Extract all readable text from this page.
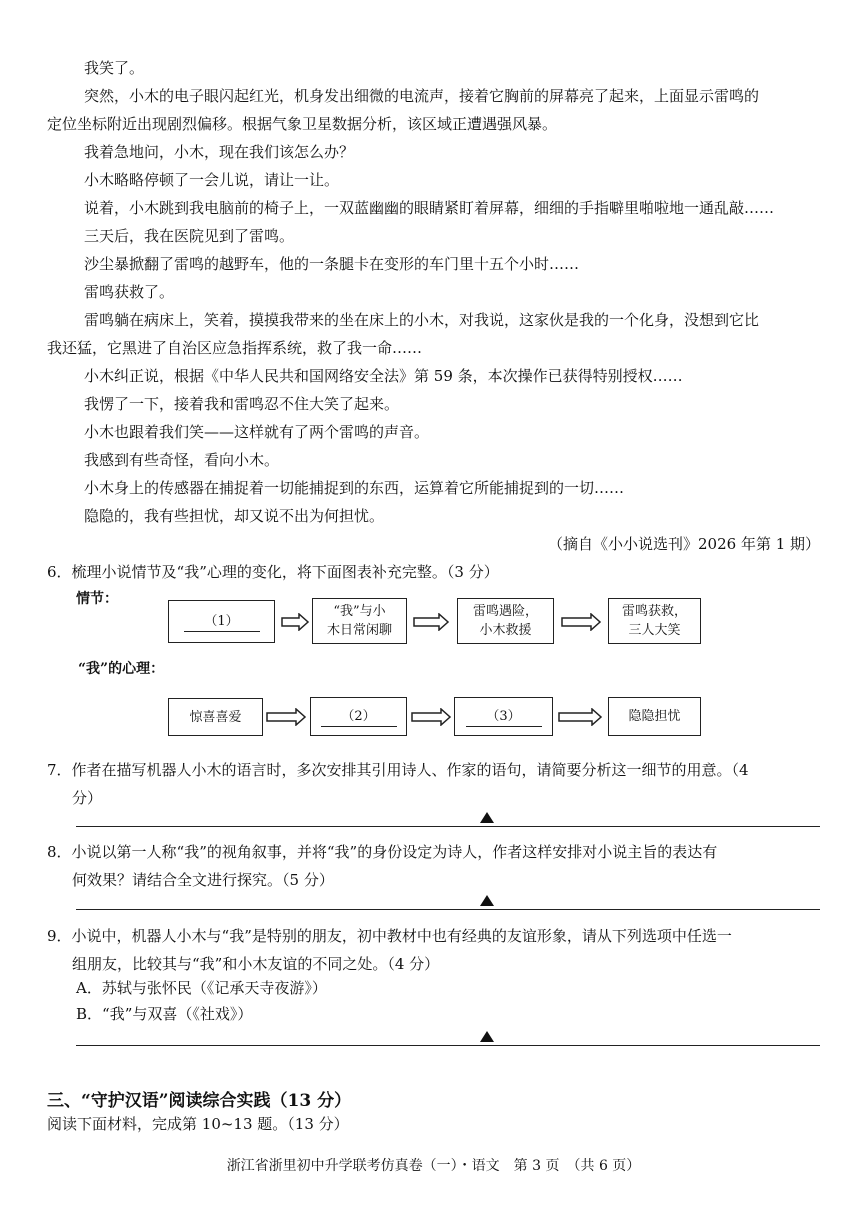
我笑了。
突然，小木的电子眼闪起红光，机身发出细微的电流声，接着它胸前的屏幕亮了起来，上面显示雷鸣的
定位坐标附近出现剧烈偏移。根据气象卫星数据分析，该区域正遭遇强风暴。
我着急地问，小木，现在我们该怎么办？
小木略略停顿了一会儿说，请让一让。
说着，小木跳到我电脑前的椅子上，一双蓝幽幽的眼睛紧盯着屏幕，细细的手指噼里啪啦地一通乱敲……
三天后，我在医院见到了雷鸣。
沙尘暴掀翻了雷鸣的越野车，他的一条腿卡在变形的车门里十五个小时……
雷鸣获救了。
雷鸣躺在病床上，笑着，摸摸我带来的坐在床上的小木，对我说，这家伙是我的一个化身，没想到它比
我还猛，它黑进了自治区应急指挥系统，救了我一命……
小木纠正说，根据《中华人民共和国网络安全法》第 59 条，本次操作已获得特别授权……
我愣了一下，接着我和雷鸣忍不住大笑了起来。
小木也跟着我们笑——这样就有了两个雷鸣的声音。
我感到有些奇怪，看向小木。
小木身上的传感器在捕捉着一切能捕捉到的东西，运算着它所能捕捉到的一切……
隐隐的，我有些担忧，却又说不出为何担忧。
（摘自《小小说选刊》2026 年第 1 期）
6．梳理小说情节及“我”心理的变化，将下面图表补充完整。（3 分）
情节：
（1）
“我”与小
木日常闲聊
雷鸣遇险，
小木救援
雷鸣获救，
三人大笑
“我”的心理：
惊喜喜爱	（2）	（3）	隐隐担忧
7．作者在描写机器人小木的语言时，多次安排其引用诗人、作家的语句，请简要分析这一细节的用意。（4
分）
8．小说以第一人称“我”的视角叙事，并将“我”的身份设定为诗人，作者这样安排对小说主旨的表达有
何效果？请结合全文进行探究。（5 分）
9．小说中，机器人小木与“我”是特别的朋友，初中教材中也有经典的友谊形象，请从下列选项中任选一
组朋友，比较其与“我”和小木友谊的不同之处。（4 分）
A．苏轼与张怀民（《记承天寺夜游》）
B．“我”与双喜（《社戏》）
三、“守护汉语”阅读综合实践（13 分）
阅读下面材料，完成第 10~13 题。（13 分）
浙江省浙里初中升学联考仿真卷（一）・语文　第 3 页　（共 6 页）
